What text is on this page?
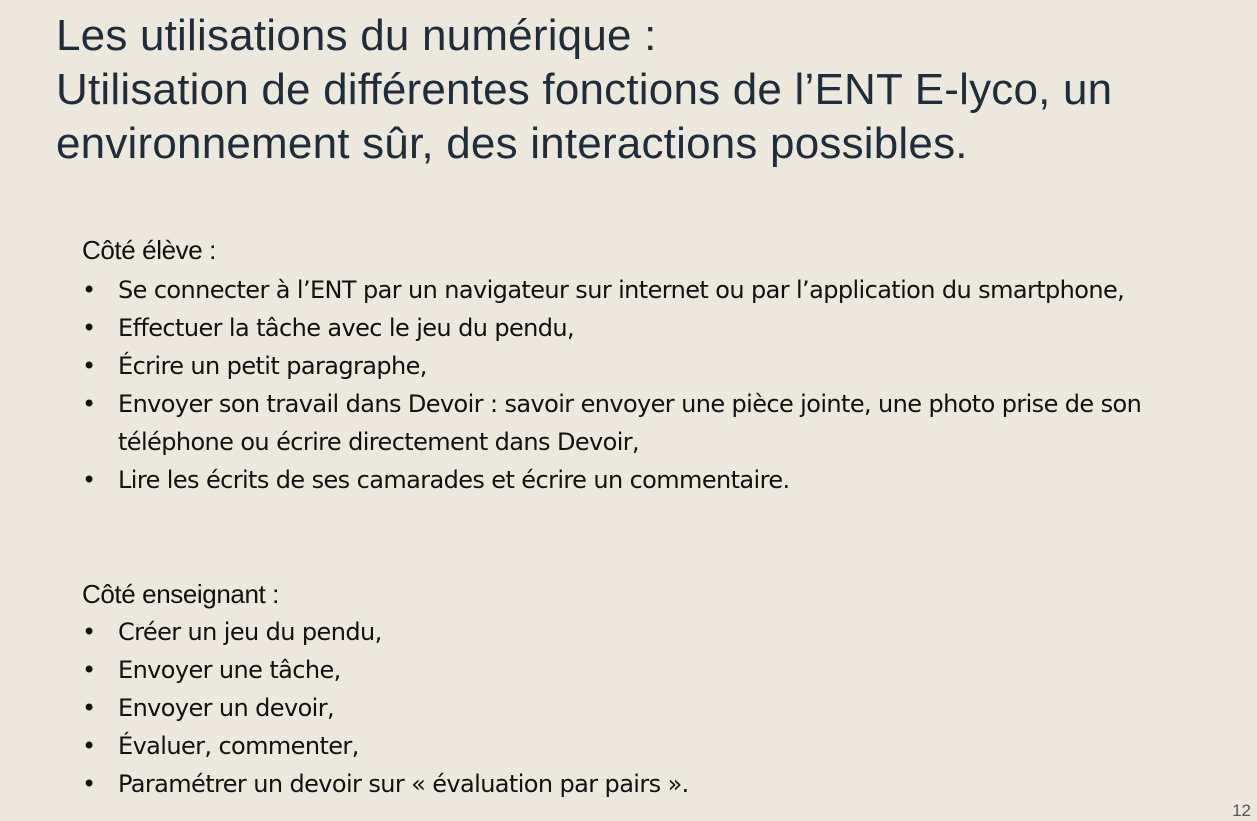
Les utilisations du numérique :
Utilisation de différentes fonctions de l’ENT E-lyco, un
environnement sûr, des interactions possibles.
Côté élève :
• Se connecter à l’ENT par un navigateur sur internet ou par l’application du smartphone,
• Effectuer la tâche avec le jeu du pendu,
• Écrire un petit paragraphe,
• Envoyer son travail dans Devoir : savoir envoyer une pièce jointe, une photo prise de son téléphone ou écrire directement dans Devoir,
• Lire les écrits de ses camarades et écrire un commentaire.
Côté enseignant :
• Créer un jeu du pendu,
• Envoyer une tâche,
• Envoyer un devoir,
• Évaluer, commenter,
• Paramétrer un devoir sur « évaluation par pairs ».
12
